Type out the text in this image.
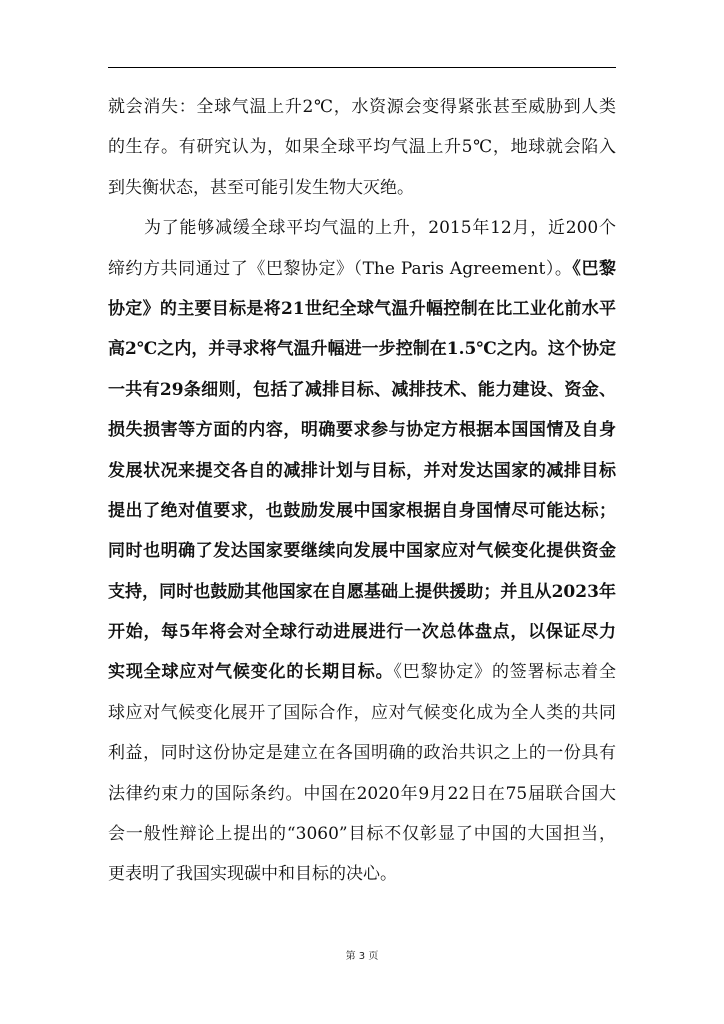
就会消失：全球气温上升2℃，水资源会变得紧张甚至威胁到人类
的生存。有研究认为，如果全球平均气温上升5℃，地球就会陷入
到失衡状态，甚至可能引发生物大灭绝。
为了能够减缓全球平均气温的上升，2015年12月，近200个
缔约方共同通过了《巴黎协定》（The Paris Agreement）。《巴黎
协定》的主要目标是将21世纪全球气温升幅控制在比工业化前水平
高2℃之内，并寻求将气温升幅进一步控制在1.5℃之内。这个协定
一共有29条细则，包括了减排目标、减排技术、能力建设、资金、
损失损害等方面的内容，明确要求参与协定方根据本国国情及自身
发展状况来提交各自的减排计划与目标，并对发达国家的减排目标
提出了绝对值要求，也鼓励发展中国家根据自身国情尽可能达标；
同时也明确了发达国家要继续向发展中国家应对气候变化提供资金
支持，同时也鼓励其他国家在自愿基础上提供援助；并且从2023年
开始，每5年将会对全球行动进展进行一次总体盘点，以保证尽力
实现全球应对气候变化的长期目标。《巴黎协定》的签署标志着全
球应对气候变化展开了国际合作，应对气候变化成为全人类的共同
利益，同时这份协定是建立在各国明确的政治共识之上的一份具有
法律约束力的国际条约。中国在2020年9月22日在75届联合国大
会一般性辩论上提出的“3060”目标不仅彰显了中国的大国担当，
更表明了我国实现碳中和目标的决心。
第 3 页
